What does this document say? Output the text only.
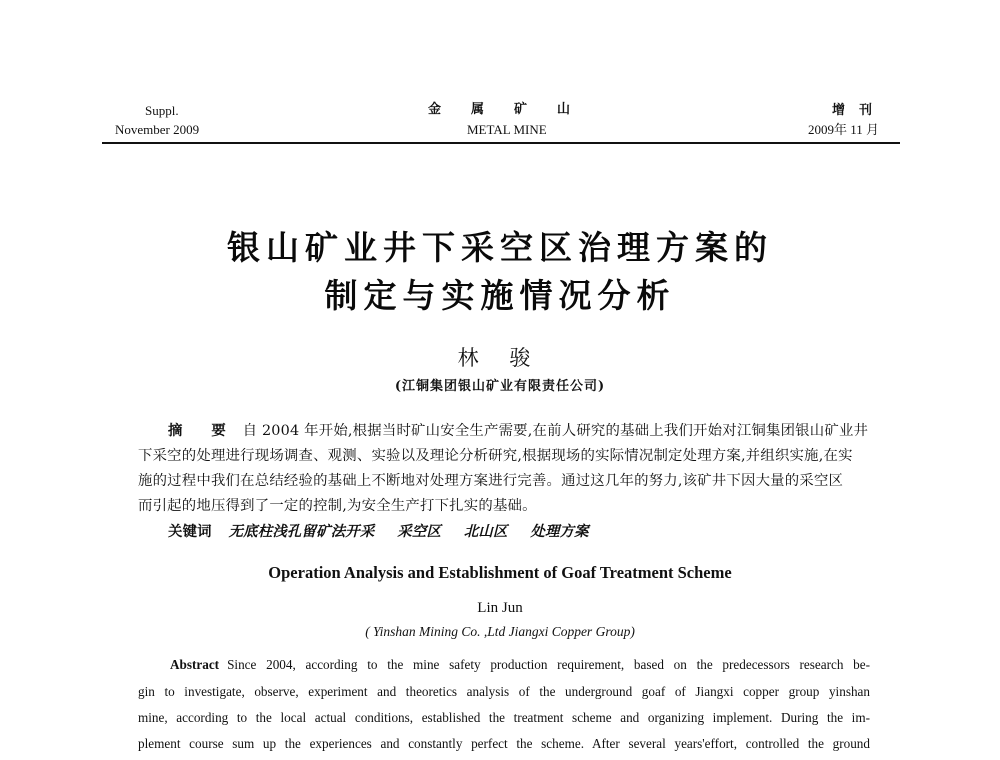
Suppl.
November 2009
金属矿山
METAL MINE
增刊
2009年 11 月
银山矿业井下采空区治理方案的
制定与实施情况分析
林 骏
(江铜集团银山矿业有限责任公司)
摘 要 自 2004 年开始,根据当时矿山安全生产需要,在前人研究的基础上我们开始对江铜集团银山矿业井
下采空的处理进行现场调查、观测、实验以及理论分析研究,根据现场的实际情况制定处理方案,并组织实施,在实
施的过程中我们在总结经验的基础上不断地对处理方案进行完善。通过这几年的努力,该矿井下因大量的采空区
而引起的地压得到了一定的控制,为安全生产打下扎实的基础。
关键词 无底柱浅孔留矿法开采 采空区 北山区 处理方案
Operation Analysis and Establishment of Goaf Treatment Scheme
Lin Jun
( Yinshan Mining Co. ,Ltd Jiangxi Copper Group)
Abstract Since 2004, according to the mine safety production requirement, based on the predecessors research be-
gin to investigate, observe, experiment and theoretics analysis of the underground goaf of Jiangxi copper group yinshan
mine, according to the local actual conditions, established the treatment scheme and organizing implement. During the im-
plement course sum up the experiences and constantly perfect the scheme. After several years'effort, controlled the ground
